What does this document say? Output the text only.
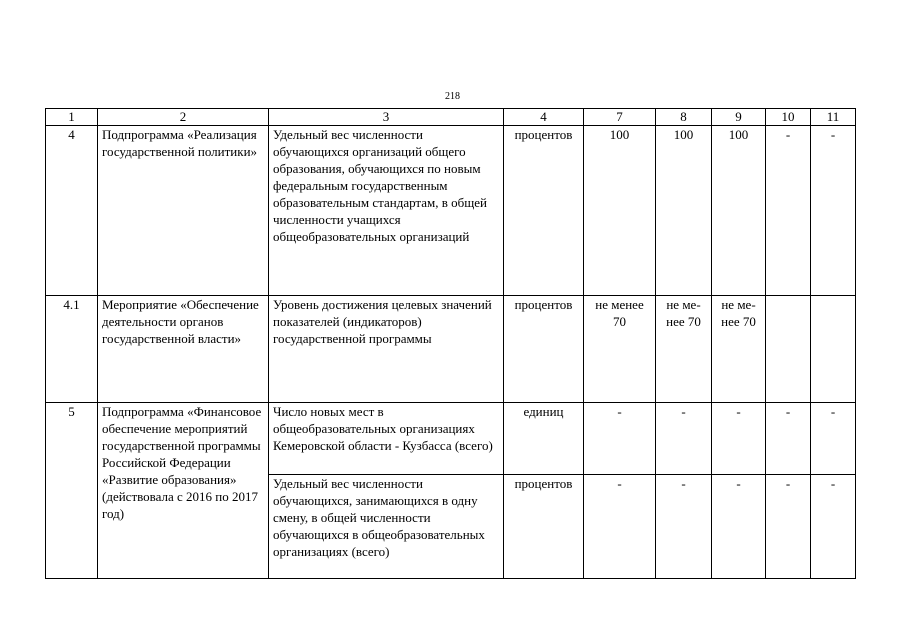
218
1	2	3	4	7	8	9	10	11
4	Подпрограмма «Реализация государственной политики»	Удельный вес численности обучающихся организаций общего образования, обучающихся по новым федеральным государственным образовательным стандартам, в общей численности учащихся общеобразовательных организаций	процентов	100	100	100	-	-
4.1	Мероприятие «Обеспечение деятельности органов государственной власти»	Уровень достижения целевых значений показателей (индикаторов) государственной программы	процентов	не менее 70	не ме-нее 70	не ме-нее 70		
5	Подпрограмма «Финансовое обеспечение мероприятий государственной программы Российской Федерации «Развитие образования» (действовала с 2016 по 2017 год)	Число новых мест в общеобразовательных организациях Кемеровской области - Кузбасса (всего)	единиц	-	-	-	-	-
		Удельный вес численности обучающихся, занимающихся в одну смену, в общей численности обучающихся в общеобразовательных организациях (всего)	процентов	-	-	-	-	-
